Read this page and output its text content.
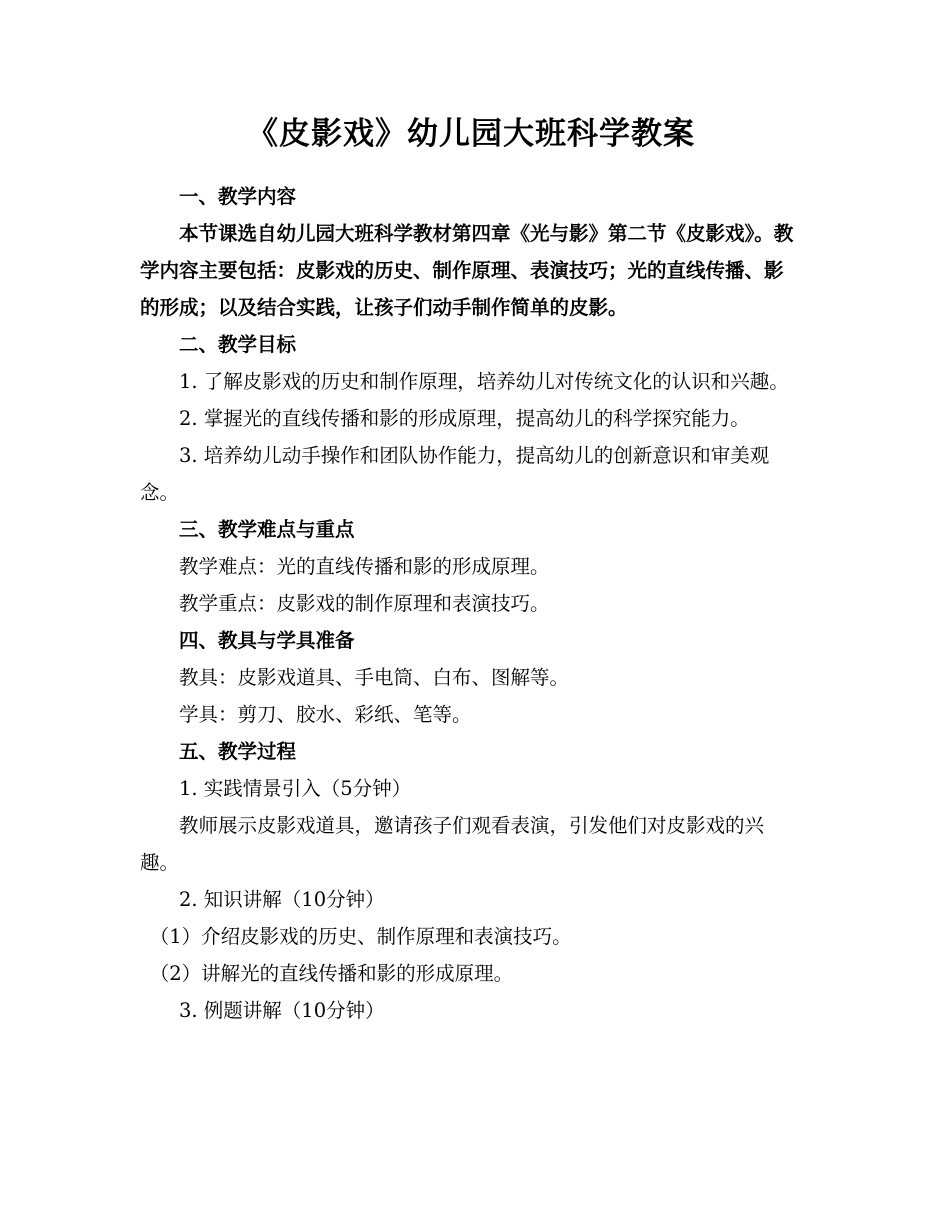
《皮影戏》幼儿园大班科学教案

一、教学内容

本节课选自幼儿园大班科学教材第四章《光与影》第二节《皮影戏》。教学内容主要包括：皮影戏的历史、制作原理、表演技巧；光的直线传播、影的形成；以及结合实践，让孩子们动手制作简单的皮影。

二、教学目标

1. 了解皮影戏的历史和制作原理，培养幼儿对传统文化的认识和兴趣。

2. 掌握光的直线传播和影的形成原理，提高幼儿的科学探究能力。

3. 培养幼儿动手操作和团队协作能力，提高幼儿的创新意识和审美观念。

三、教学难点与重点

教学难点：光的直线传播和影的形成原理。

教学重点：皮影戏的制作原理和表演技巧。

四、教具与学具准备

教具：皮影戏道具、手电筒、白布、图解等。

学具：剪刀、胶水、彩纸、笔等。

五、教学过程

1. 实践情景引入（5分钟）

教师展示皮影戏道具，邀请孩子们观看表演，引发他们对皮影戏的兴趣。

2. 知识讲解（10分钟）

（1）介绍皮影戏的历史、制作原理和表演技巧。

（2）讲解光的直线传播和影的形成原理。

3. 例题讲解（10分钟）
